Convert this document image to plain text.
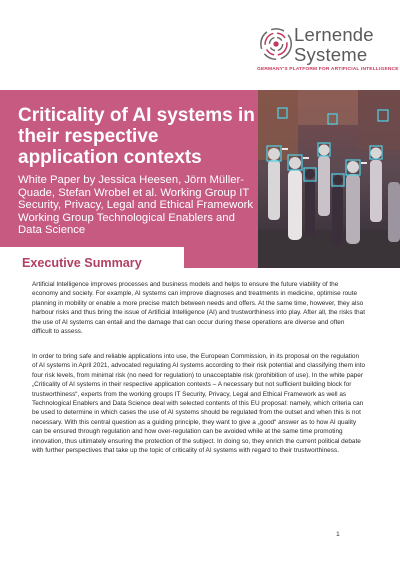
Lernende
Systeme
GERMANY'S PLATFORM FOR ARTIFICIAL INTELLIGENCE
Criticality of AI systems in their respective application contexts

White Paper by Jessica Heesen, Jörn Müller-Quade, Stefan Wrobel et al. Working Group IT Security, Privacy, Legal and Ethical Framework Working Group Technological Enablers and Data Science

Executive Summary

Artificial Intelligence improves processes and business models and helps to ensure the future viability of the economy and society. For example, AI systems can improve diagnoses and treatments in medicine, optimise route planning in mobility or enable a more precise match between needs and offers. At the same time, however, they also harbour risks and thus bring the issue of Artificial Intelligence (AI) and trustworthiness into play. After all, the risks that the use of AI systems can entail and the damage that can occur during these operations are diverse and often difficult to assess.

In order to bring safe and reliable applications into use, the European Commission, in its proposal on the regulation of AI systems in April 2021, advocated regulating AI systems according to their risk potential and classifying them into four risk levels, from minimal risk (no need for regulation) to unacceptable risk (prohibition of use). In the white paper „Criticality of AI systems in their respective application contexts – A necessary but not sufficient building block for trustworthiness“, experts from the working groups IT Security, Privacy, Legal and Ethical Framework as well as Technological Enablers and Data Science deal with selected contents of this EU proposal: namely, which criteria can be used to determine in which cases the use of AI systems should be regulated from the outset and when this is not necessary. With this central question as a guiding principle, they want to give a „good“ answer as to how AI quality can be ensured through regulation and how over-regulation can be avoided while at the same time promoting innovation, thus ultimately ensuring the protection of the subject. In doing so, they enrich the current political debate with further perspectives that take up the topic of criticality of AI systems with regard to their trustworthiness.

1
